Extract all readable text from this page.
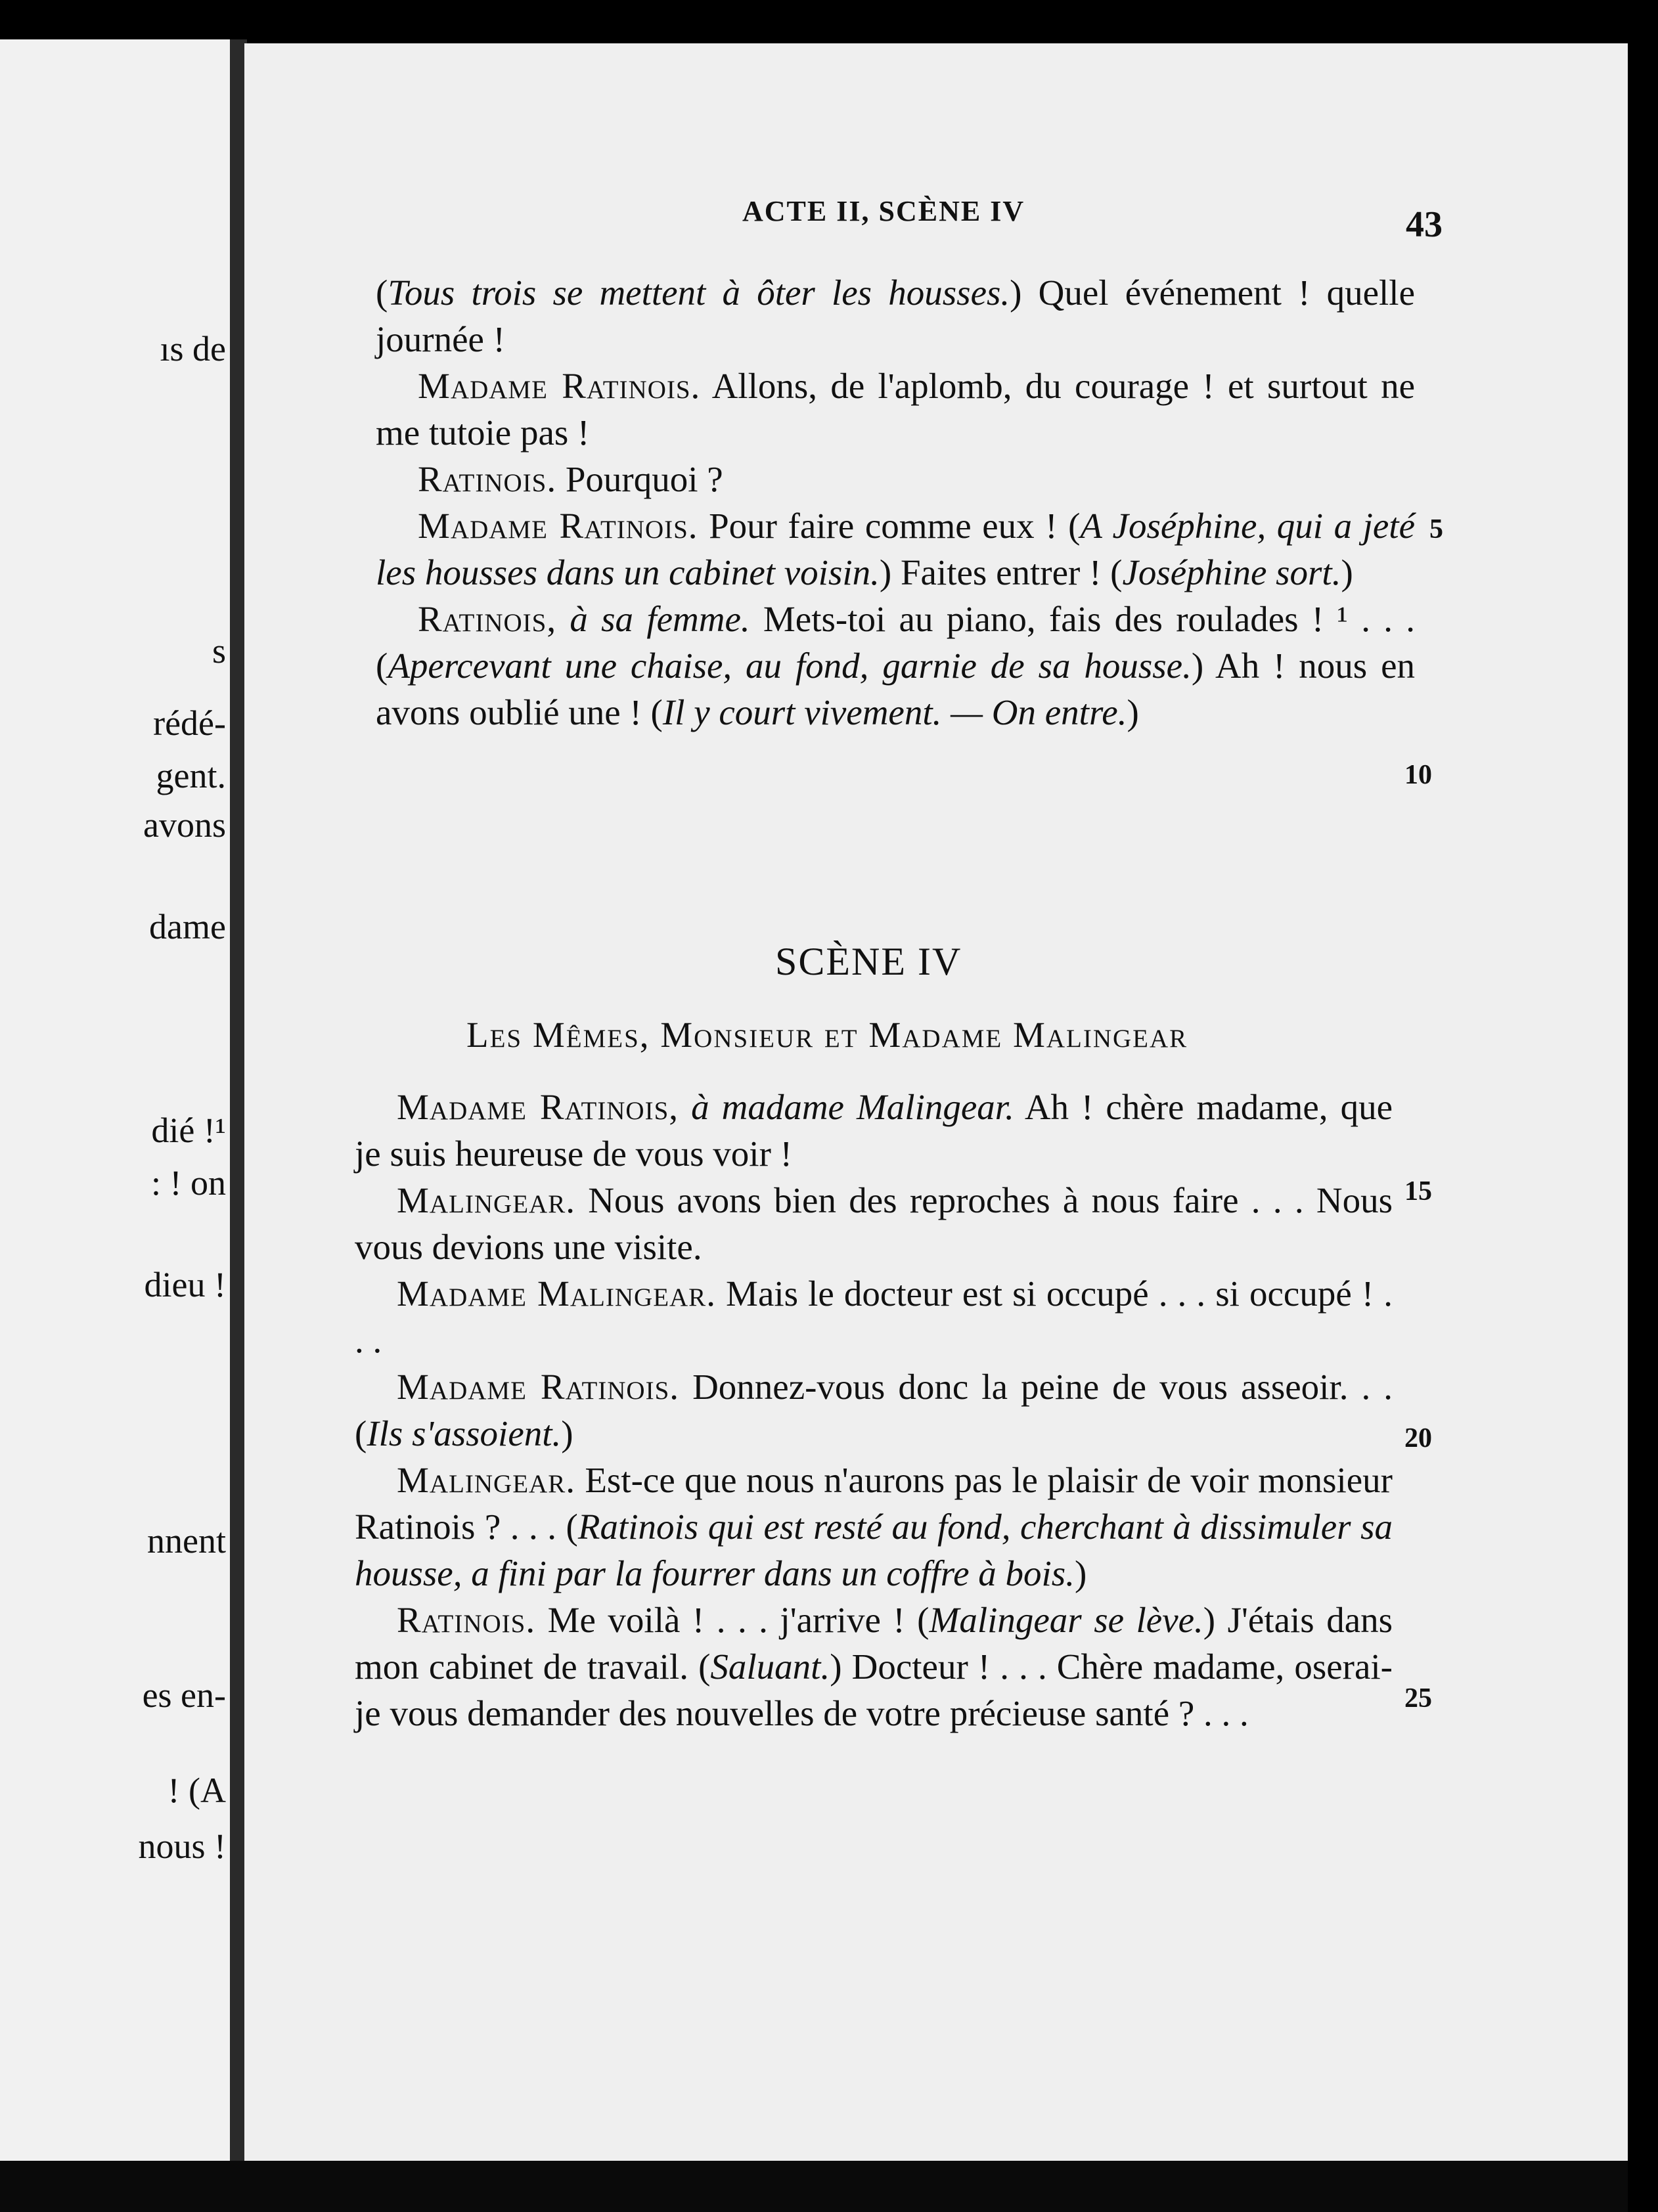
ıs de
s
rédé-
gent.
avons
dame
dié !¹
: ! on
dieu !
nnent
es en-
! (A
nous !
ACTE II, SCÈNE IV	43

(Tous trois se mettent à ôter les housses.) Quel événement ! quelle journée !

Madame Ratinois. Allons, de l'aplomb, du courage ! et surtout ne me tutoie pas !

Ratinois. Pourquoi ?

Madame Ratinois. Pour faire comme eux ! (A Joséphine, qui a jeté les housses dans un cabinet voisin.) Faites entrer ! (Joséphine sort.)

Ratinois, à sa femme. Mets-toi au piano, fais des roulades ! ¹ . . . (Apercevant une chaise, au fond, garnie de sa housse.) Ah ! nous en avons oublié une ! (Il y court vivement. — On entre.)

SCÈNE IV
Les Mêmes, Monsieur et Madame Malingear

Madame Ratinois, à madame Malingear. Ah ! chère madame, que je suis heureuse de vous voir !

Malingear. Nous avons bien des reproches à nous faire . . . Nous vous devions une visite.

Madame Malingear. Mais le docteur est si occupé . . . si occupé ! . . .

Madame Ratinois. Donnez-vous donc la peine de vous asseoir. . . (Ils s'assoient.)

Malingear. Est-ce que nous n'aurons pas le plaisir de voir monsieur Ratinois ? . . . (Ratinois qui est resté au fond, cherchant à dissimuler sa housse, a fini par la fourrer dans un coffre à bois.)

Ratinois. Me voilà ! . . . j'arrive ! (Malingear se lève.) J'étais dans mon cabinet de travail. (Saluant.) Docteur ! . . . Chère madame, oserai-je vous demander des nouvelles de votre précieuse santé ? . . .

5
10
15
20
25
